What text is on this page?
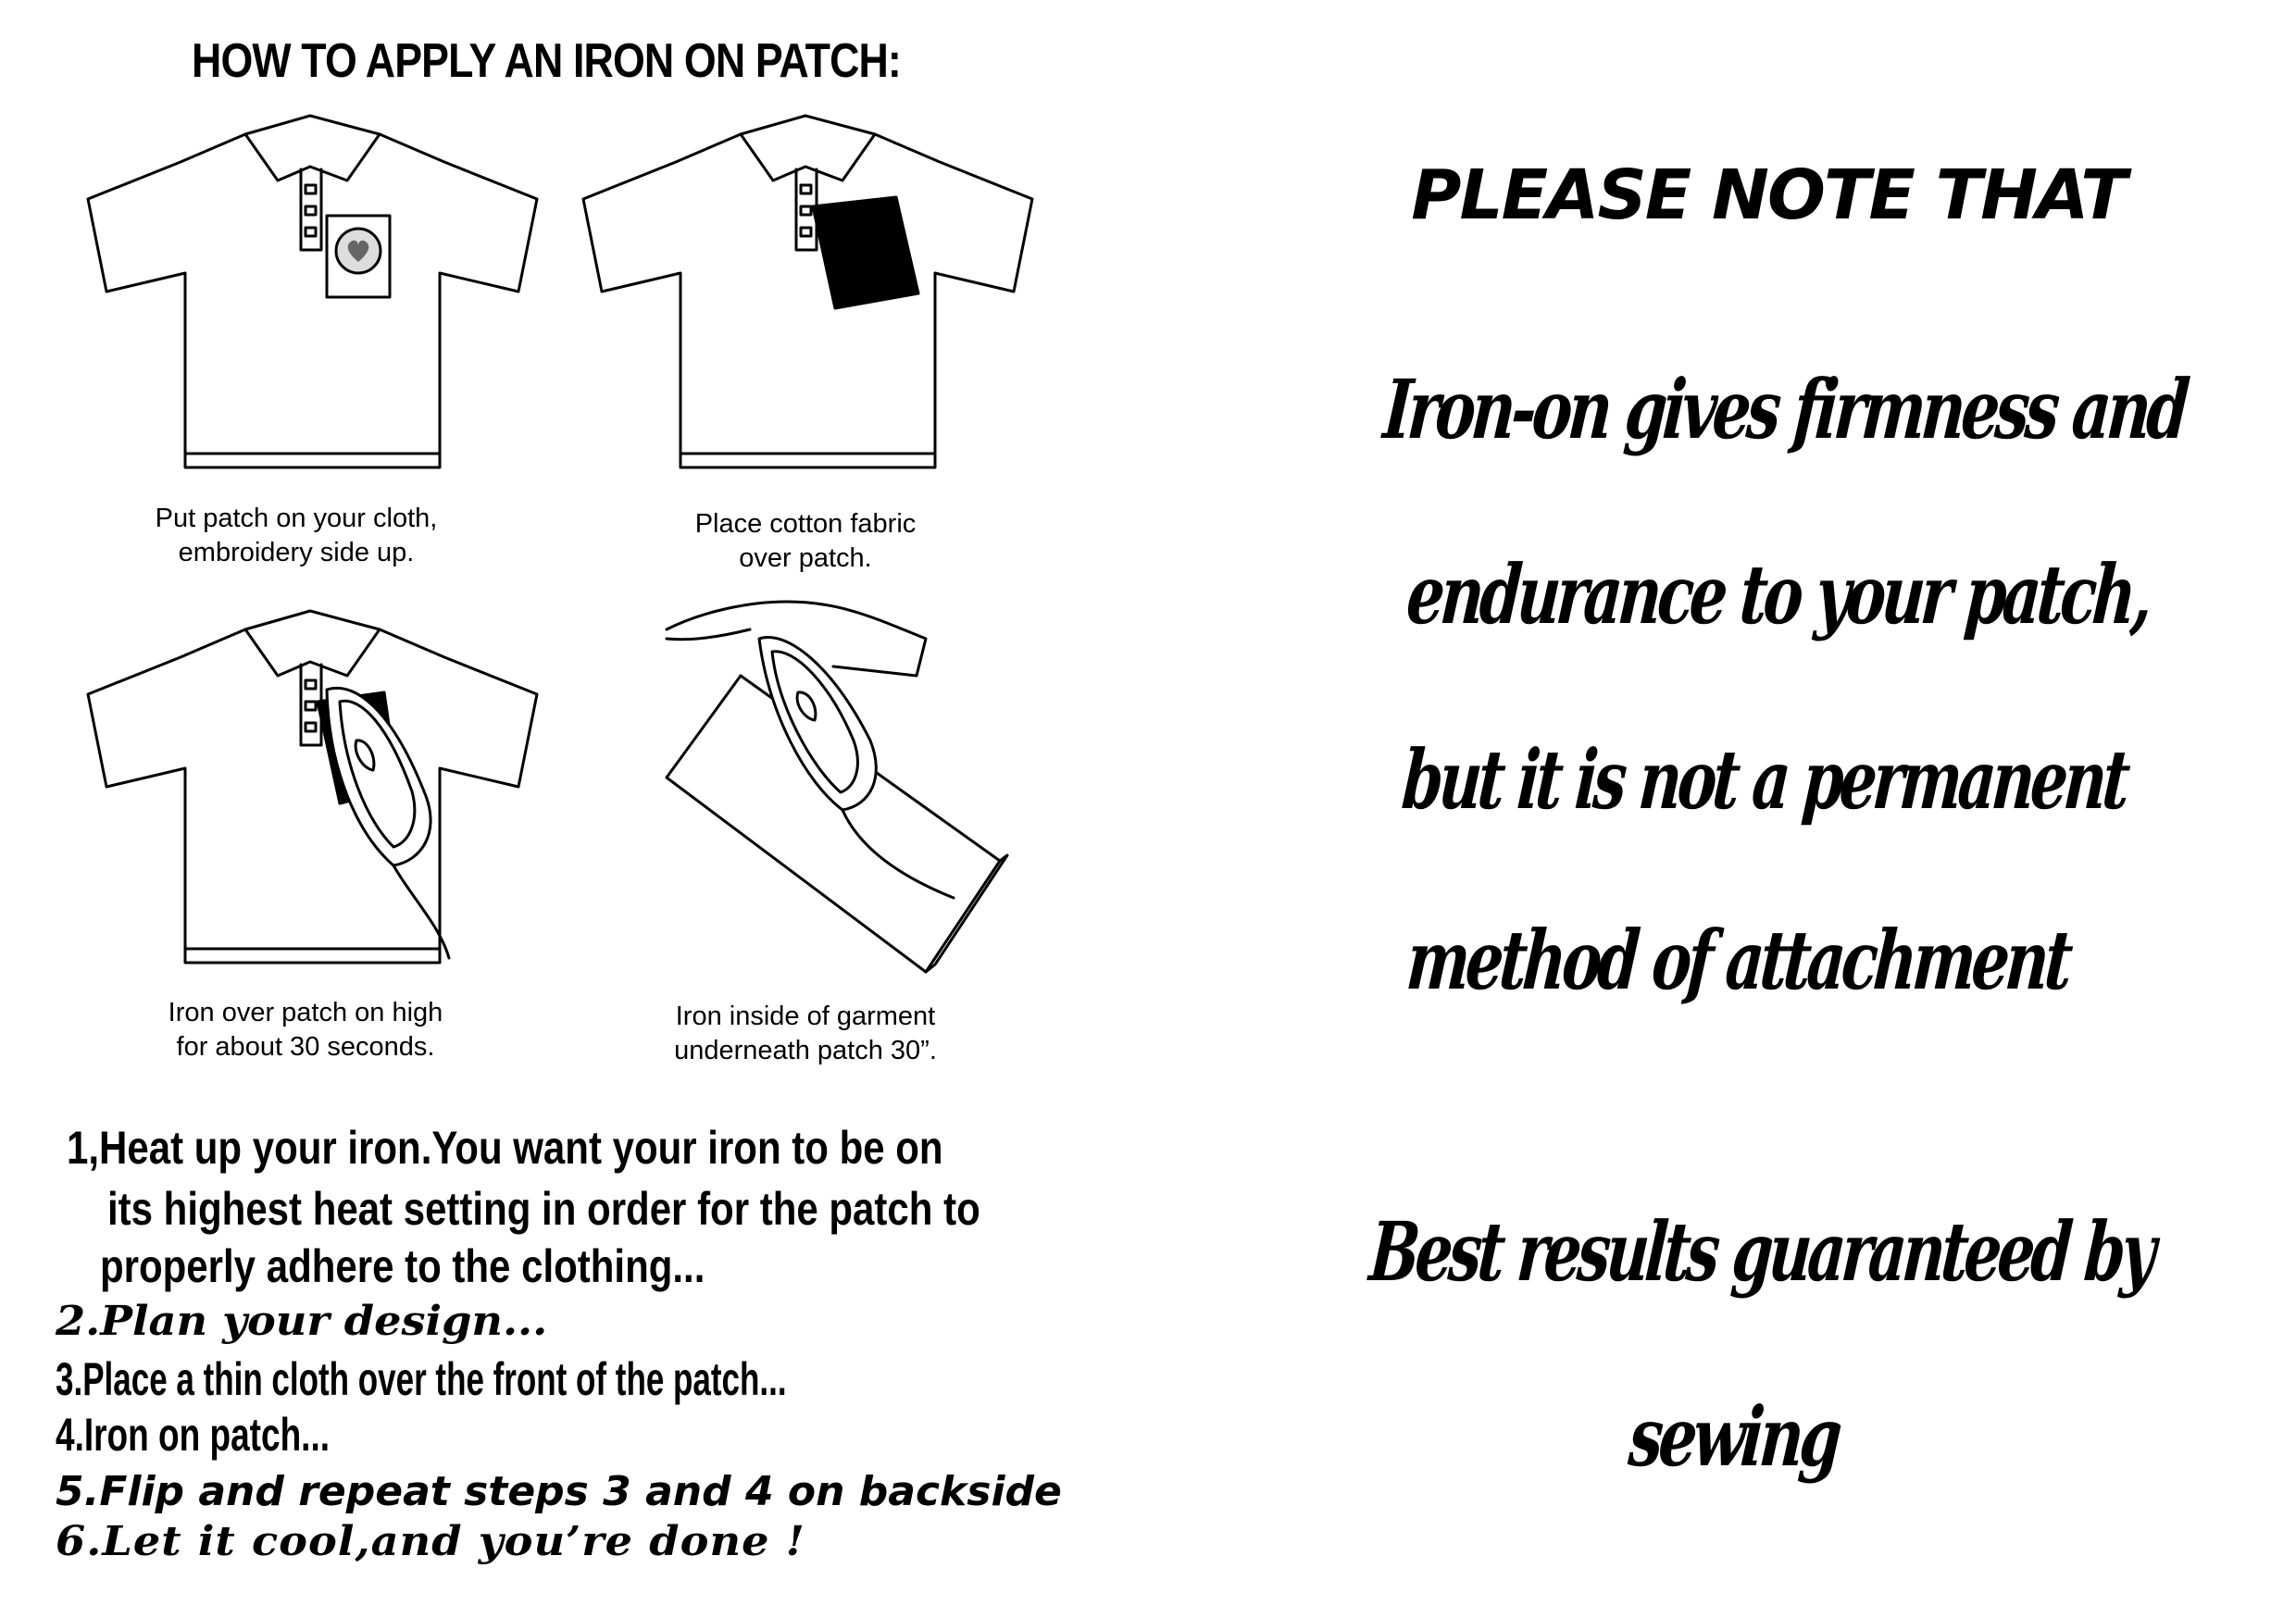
HOW TO APPLY AN IRON ON PATCH:
Put patch on your cloth,
embroidery side up.
Place cotton fabric
over patch.
Iron over patch on high
for about 30 seconds.
Iron inside of garment
underneath patch 30”.
1,Heat up your iron.You want your iron to be on
its highest heat setting in order for the patch to
properly adhere to the clothing...
2.Plan your design...
3.Place a thin cloth over the front of the patch...
4.Iron on patch...
5.Flip and repeat steps 3 and 4 on backside
6.Let it cool,and you’re done !
PLEASE NOTE THAT
Iron-on gives firmness and
endurance to your patch,
but it is not a permanent
method of attachment
Best results guaranteed by
sewing
